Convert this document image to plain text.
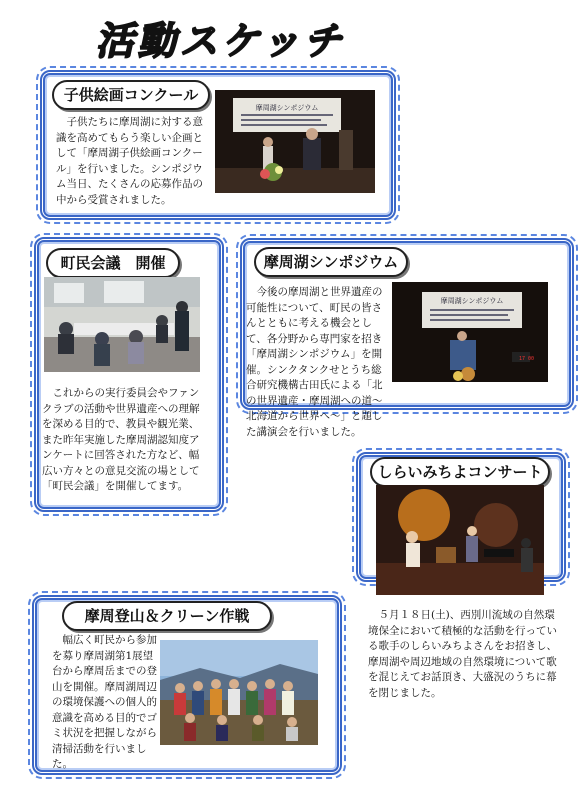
活動スケッチ
子供絵画コンクール
子供たちに摩周湖に対する意識を高めてもらう楽しい企画として「摩周湖子供絵画コンクール」を行いました。シンポジウム当日、たくさんの応募作品の中から受賞されました。
摩周湖シンポジウム
町民会議　開催
これからの実行委員会やファンクラブの活動や世界遺産への理解を深める目的で、教員や観光業、また昨年実施した摩周湖認知度アンケートに回答された方など、幅広い方々との意見交流の場として「町民会議」を開催してます。
摩周湖シンポジウム
今後の摩周湖と世界遺産の可能性について、町民の皆さんとともに考える機会として、各分野から専門家を招き「摩周湖シンポジウム」を開催。シンクタンクせとうち総合研究機構古田氏による「北の世界遺産・摩周湖への道～北海道から世界へ～」と題した講演会を行いました。
摩周湖シンポジウム
17 00
しらいみちよコンサート
５月１８日(土)、西別川流域の自然環境保全において積極的な活動を行っている歌手のしらいみちよさんをお招きし、摩周湖や周辺地域の自然環境について歌を混じえてお話頂き、大盛況のうちに幕を閉じました。
摩周登山＆クリーン作戦
幅広く町民から参加を募り摩周湖第1展望台から摩周岳までの登山を開催。摩周湖周辺の環境保護への個人的意識を高める目的でゴミ状況を把握しながら清掃活動を行いました。
